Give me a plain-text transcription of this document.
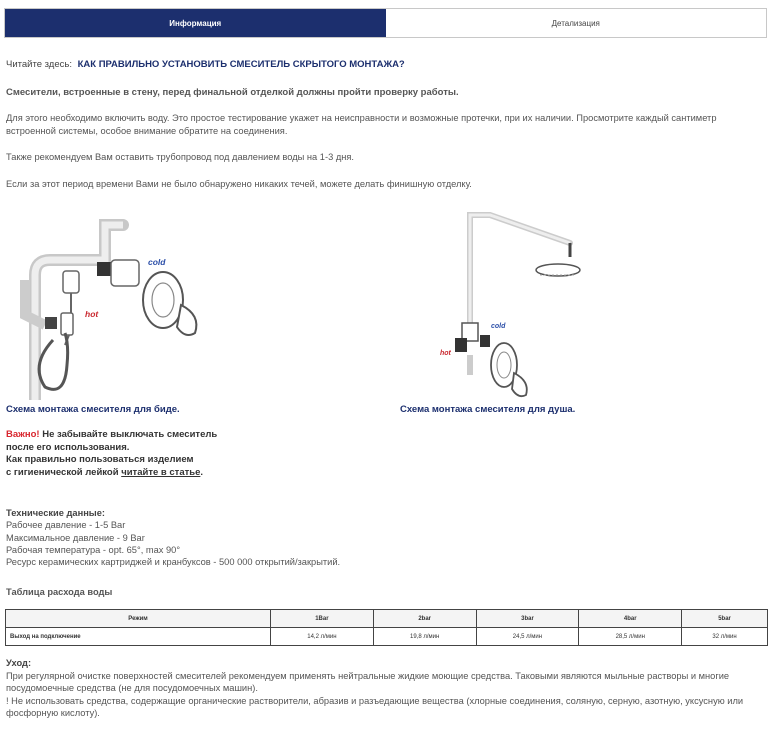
Информация	Детализация
Читайте здесь: КАК ПРАВИЛЬНО УСТАНОВИТЬ СМЕСИТЕЛЬ СКРЫТОГО МОНТАЖА?
Смесители, встроенные в стену, перед финальной отделкой должны пройти проверку работы.
Для этого необходимо включить воду. Это простое тестирование укажет на неисправности и возможные протечки, при их наличии. Просмотрите каждый сантиметр встроенной системы, особое внимание обратите на соединения.
Также рекомендуем Вам оставить трубопровод под давлением воды на 1-3 дня.
Если за этот период времени Вами не было обнаружено никаких течей, можете делать финишную отделку.
cold
hot
Схема монтажа смесителя для биде.
cold
hot
Схема монтажа смесителя для душа.
Важно! Не забывайте выключать смеситель
после его использования.
Как правильно пользоваться изделием
с гигиенической лейкой читайте в статье.
Технические данные:
Рабочее давление - 1-5 Bar
Максимальное давление - 9 Bar
Рабочая температура - opt. 65°, max 90°
Ресурс керамических картриджей и кранбуксов - 500 000 открытий/закрытий.
Таблица расхода воды
Режим	1Bar	2bar	3bar	4bar	5bar
Выход на подключение	14,2 л/мин	19,8 л/мин	24,5 л/мин	28,5 л/мин	32 л/мин
Уход:
При регулярной очистке поверхностей смесителей рекомендуем применять нейтральные жидкие моющие средства. Таковыми являются мыльные растворы и многие посудомоечные средства (не для посудомоечных машин).
! Не использовать средства, содержащие органические растворители, абразив и разъедающие вещества (хлорные соединения, соляную, серную, азотную, уксусную или фосфорную кислоту).
